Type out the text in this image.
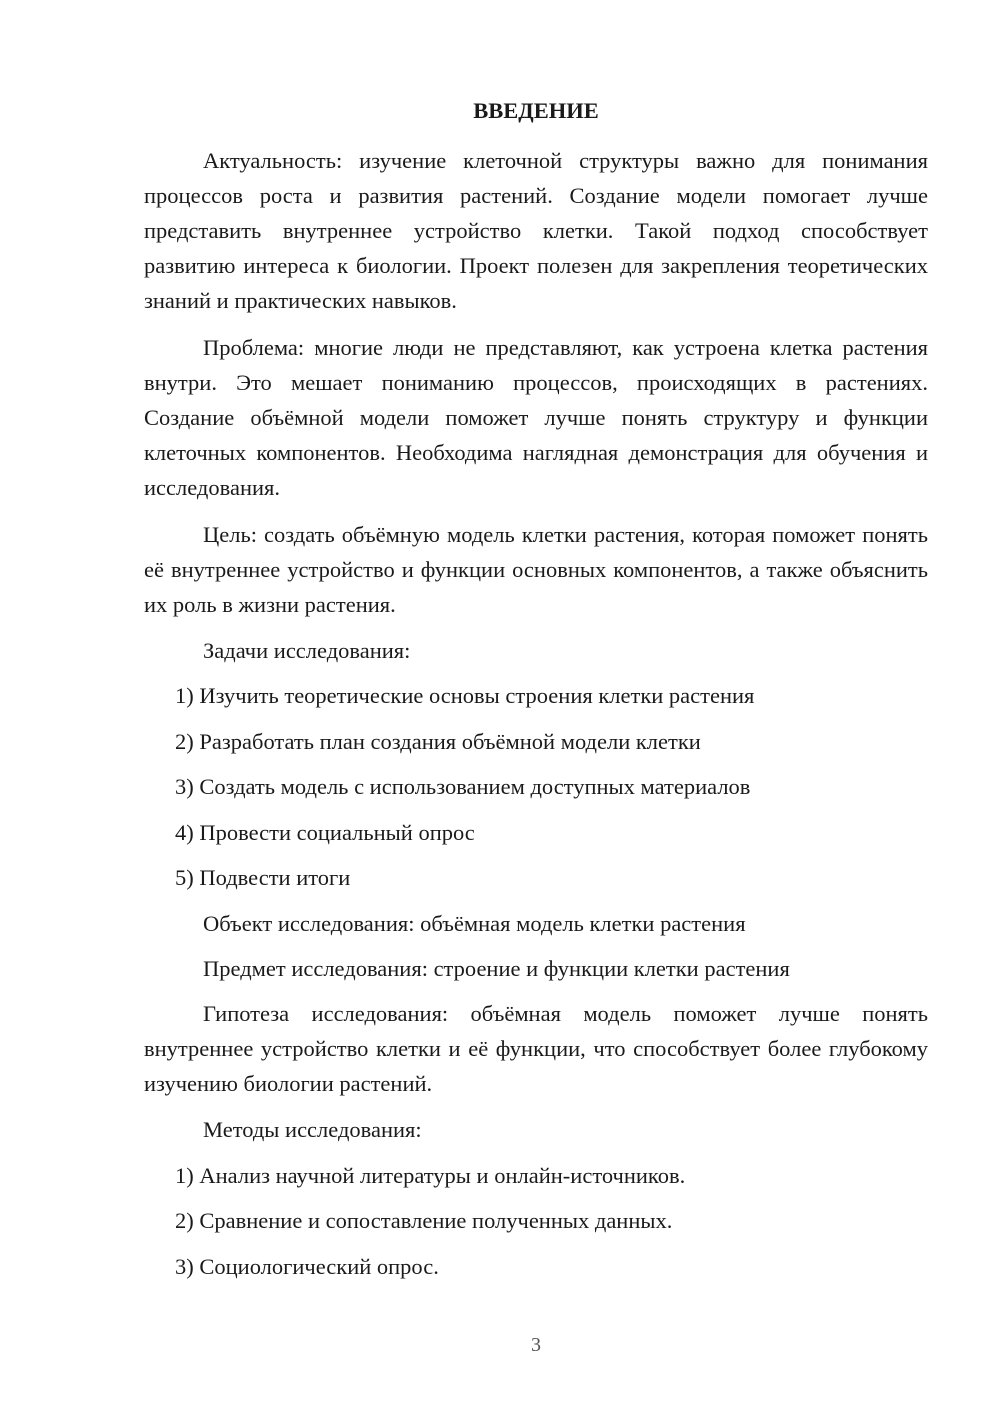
ВВЕДЕНИЕ
Актуальность: изучение клеточной структуры важно для понимания процессов роста и развития растений. Создание модели помогает лучше представить внутреннее устройство клетки. Такой подход способствует развитию интереса к биологии. Проект полезен для закрепления теоретических знаний и практических навыков.
Проблема: многие люди не представляют, как устроена клетка растения внутри. Это мешает пониманию процессов, происходящих в растениях. Создание объёмной модели поможет лучше понять структуру и функции клеточных компонентов. Необходима наглядная демонстрация для обучения и исследования.
Цель: создать объёмную модель клетки растения, которая поможет понять её внутреннее устройство и функции основных компонентов, а также объяснить их роль в жизни растения.
Задачи исследования:
1) Изучить теоретические основы строения клетки растения
2) Разработать план создания объёмной модели клетки
3) Создать модель с использованием доступных материалов
4) Провести социальный опрос
5) Подвести итоги
Объект исследования: объёмная модель клетки растения
Предмет исследования: строение и функции клетки растения
Гипотеза исследования: объёмная модель поможет лучше понять внутреннее устройство клетки и её функции, что способствует более глубокому изучению биологии растений.
Методы исследования:
1) Анализ научной литературы и онлайн-источников.
2) Сравнение и сопоставление полученных данных.
3) Социологический опрос.
3
